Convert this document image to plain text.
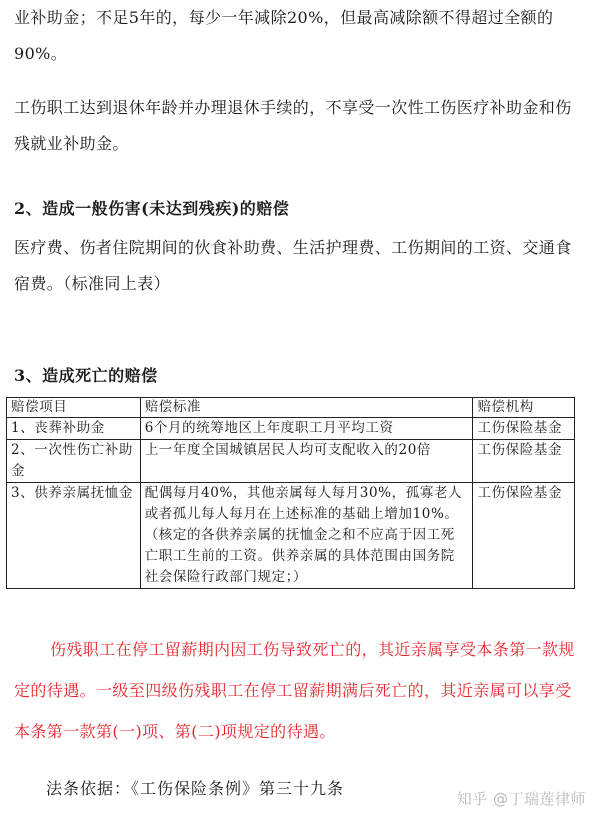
业补助金；不足5年的，每少一年减除20%，但最高减除额不得超过全额的90%。

工伤职工达到退休年龄并办理退休手续的，不享受一次性工伤医疗补助金和伤残就业补助金。

2、造成一般伤害(未达到残疾)的赔偿

医疗费、伤者住院期间的伙食补助费、生活护理费、工伤期间的工资、交通食宿费。（标准同上表）

3、造成死亡的赔偿

赔偿项目	赔偿标准	赔偿机构
1、丧葬补助金	6个月的统筹地区上年度职工月平均工资	工伤保险基金
2、一次性伤亡补助金	上一年度全国城镇居民人均可支配收入的20倍	工伤保险基金
3、供养亲属抚恤金	配偶每月40%，其他亲属每人每月30%，孤寡老人或者孤儿每人每月在上述标准的基础上增加10%。（核定的各供养亲属的抚恤金之和不应高于因工死亡职工生前的工资。供养亲属的具体范围由国务院社会保险行政部门规定；）	工伤保险基金

伤残职工在停工留薪期内因工伤导致死亡的，其近亲属享受本条第一款规定的待遇。一级至四级伤残职工在停工留薪期满后死亡的，其近亲属可以享受本条第一款第(一)项、第(二)项规定的待遇。

法条依据：《工伤保险条例》第三十九条
知乎 @丁瑞莲律师
